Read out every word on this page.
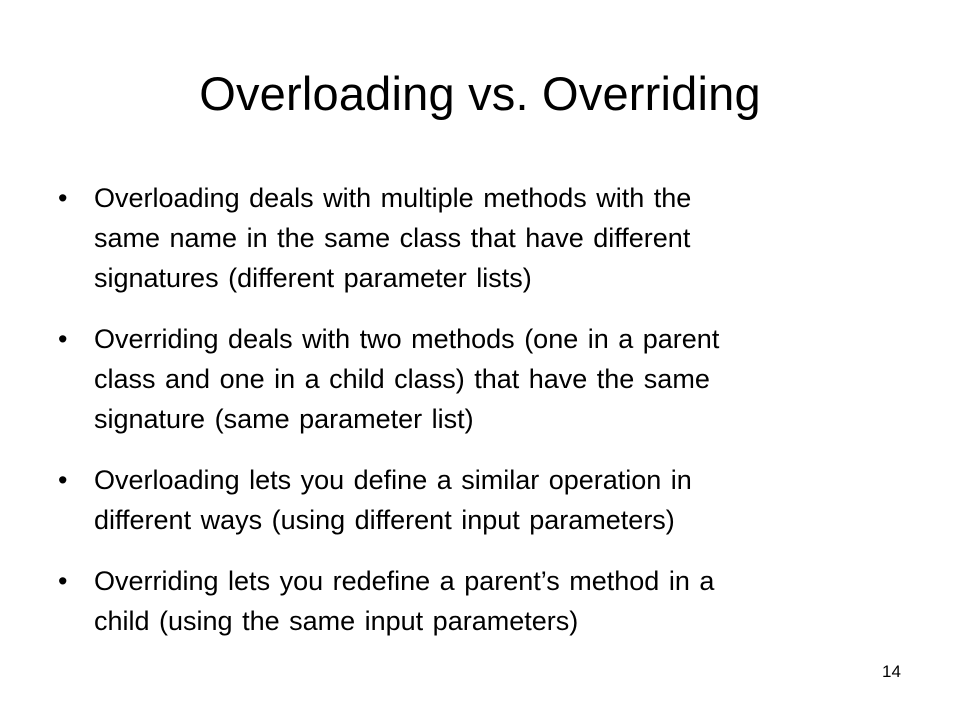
Overloading vs. Overriding
• Overloading deals with multiple methods with the
same name in the same class that have different
signatures (different parameter lists)
• Overriding deals with two methods (one in a parent
class and one in a child class) that have the same
signature (same parameter list)
• Overloading lets you define a similar operation in
different ways (using different input parameters)
• Overriding lets you redefine a parent’s method in a
child (using the same input parameters)
14
